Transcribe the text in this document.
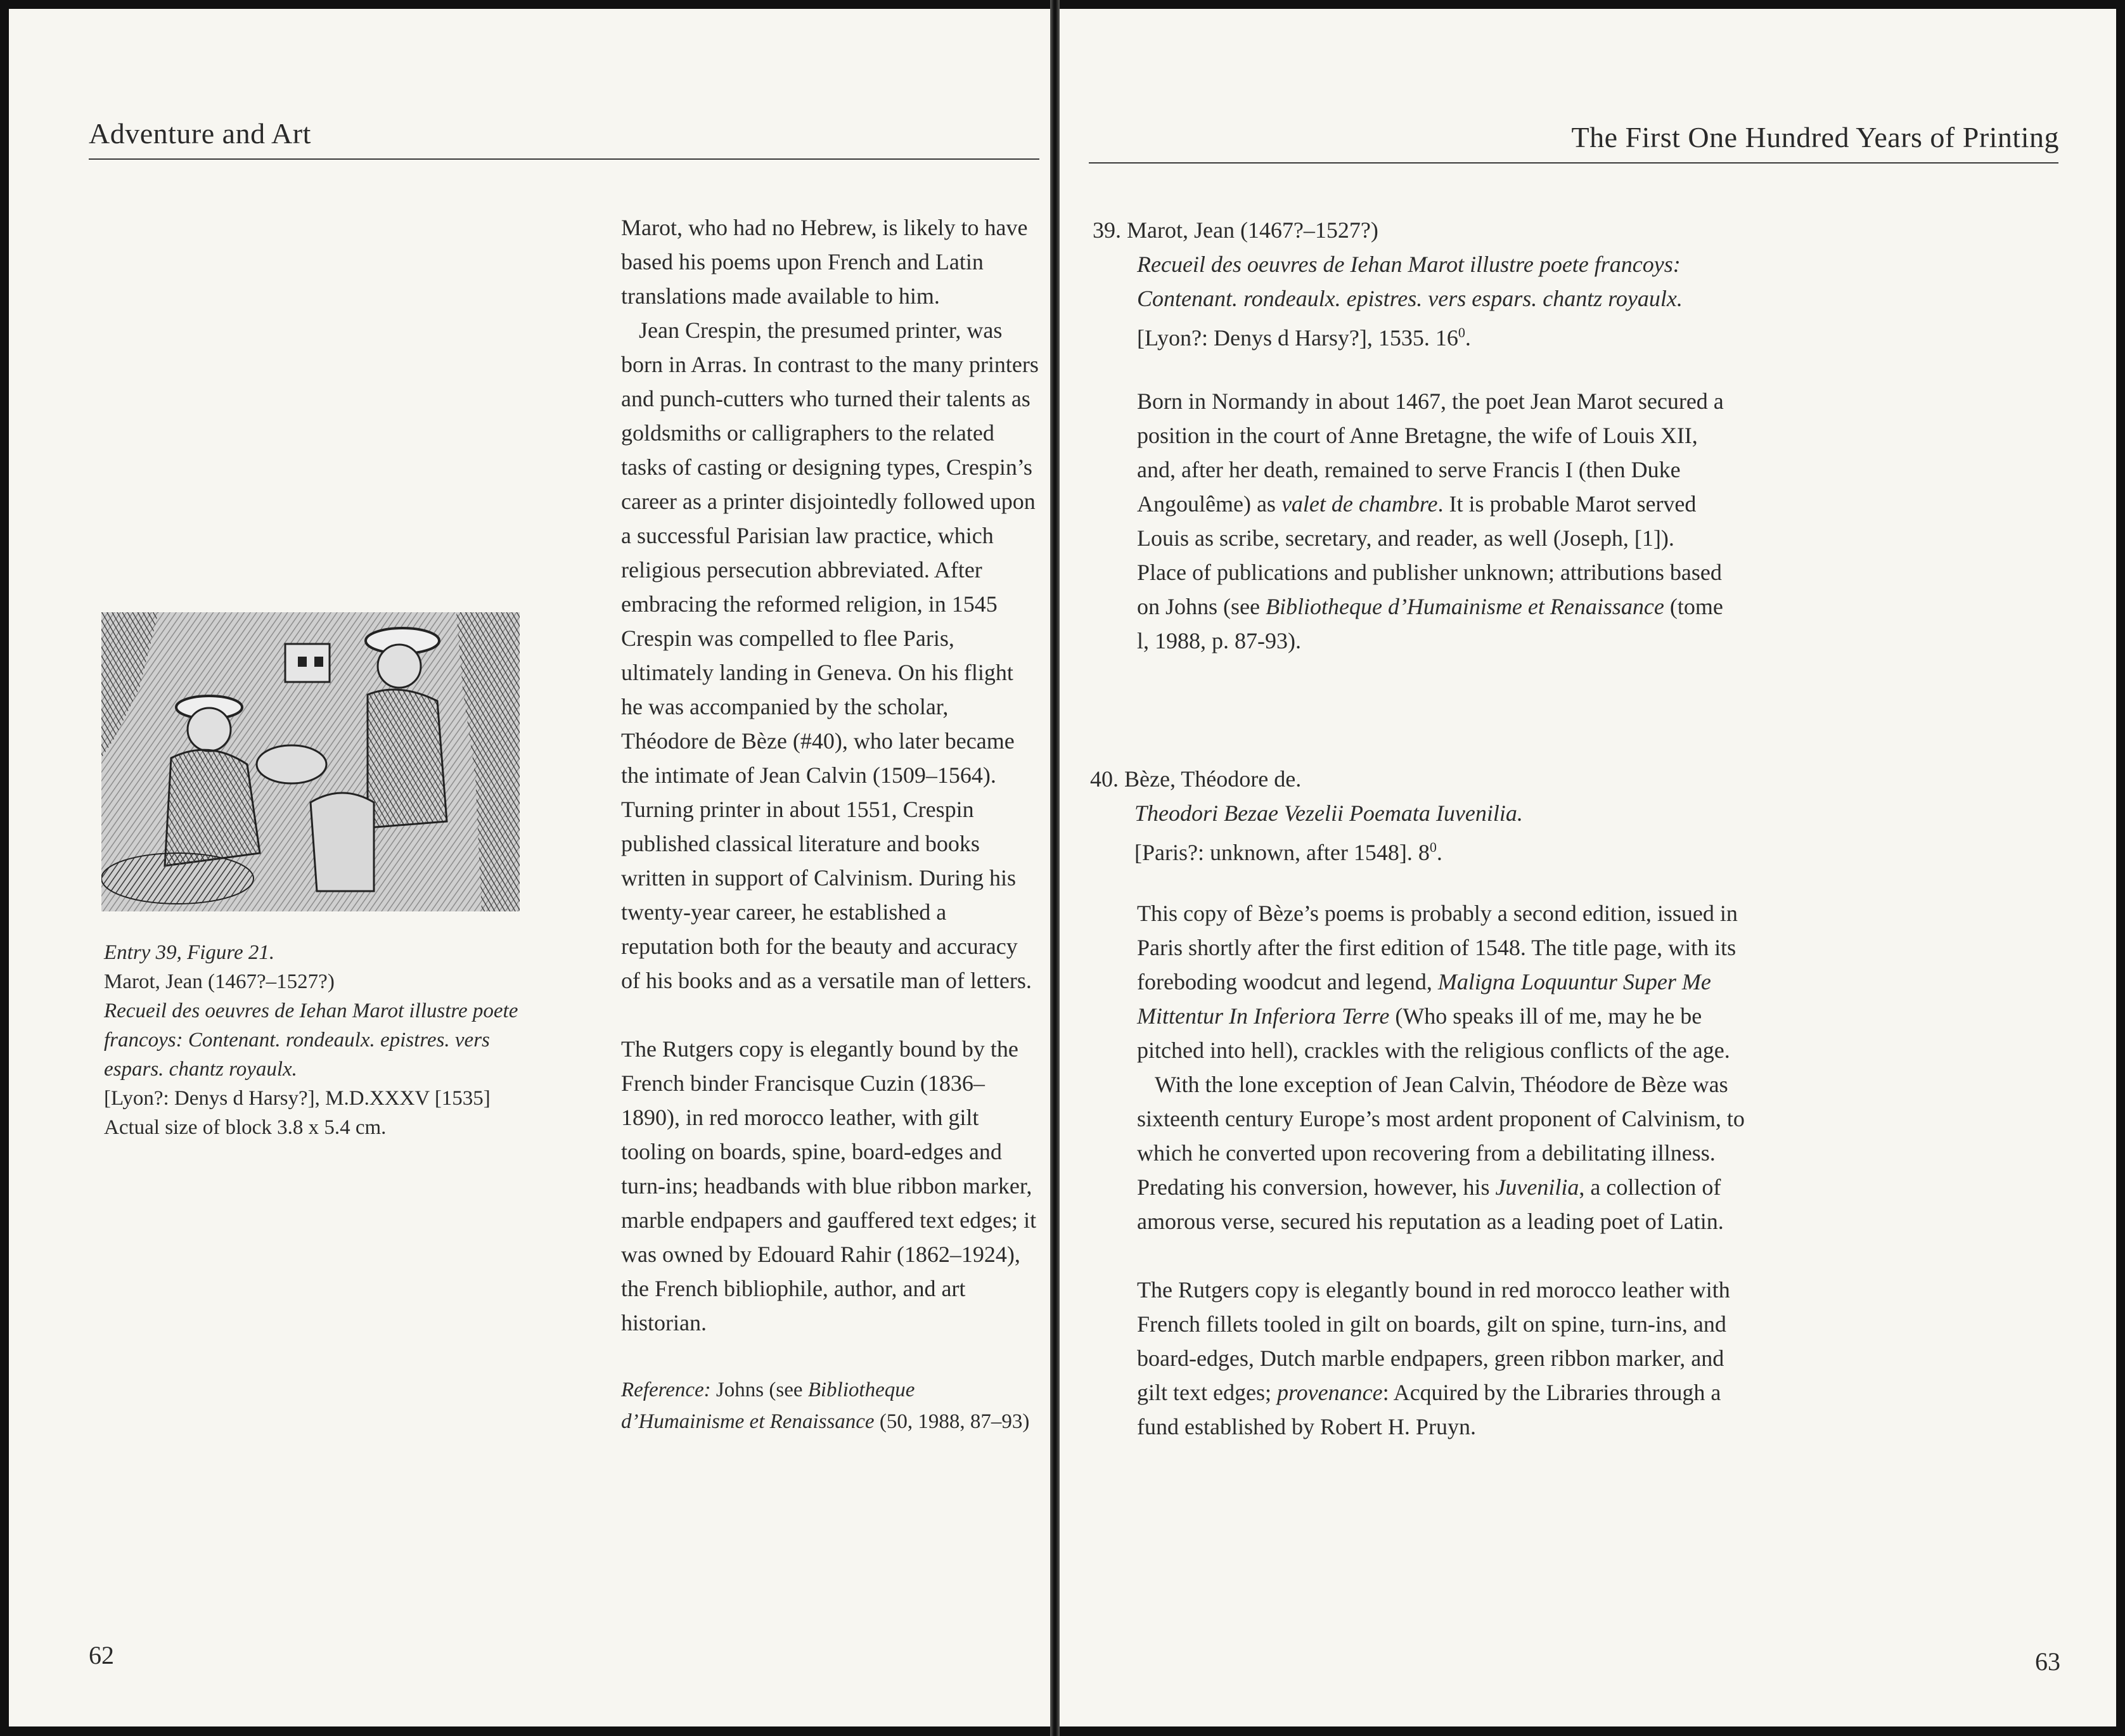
Adventure and Art

Entry 39, Figure 21.

Marot, Jean (1467?–1527?)

Recueil des oeuvres de Iehan Marot illustre poete francoys: Contenant. rondeaulx. epistres. vers espars. chantz royaulx.

[Lyon?: Denys d Harsy?], M.D.XXXV [1535]

Actual size of block 3.8 x 5.4 cm.

Marot, who had no Hebrew, is likely to have based his poems upon French and Latin translations made available to him.

Jean Crespin, the presumed printer, was born in Arras. In contrast to the many printers and punch-cutters who turned their talents as goldsmiths or calligraphers to the related tasks of casting or designing types, Crespin’s career as a printer disjointedly followed upon a successful Parisian law practice, which religious persecution abbreviated. After embracing the reformed religion, in 1545 Crespin was compelled to flee Paris, ultimately landing in Geneva. On his flight he was accompanied by the scholar, Théodore de Bèze (#40), who later became the intimate of Jean Calvin (1509–1564). Turning printer in about 1551, Crespin published classical literature and books written in support of Calvinism. During his twenty-year career, he established a reputation both for the beauty and accuracy of his books and as a versatile man of letters.

The Rutgers copy is elegantly bound by the French binder Francisque Cuzin (1836–1890), in red morocco leather, with gilt tooling on boards, spine, board-edges and turn-ins; headbands with blue ribbon marker, marble endpapers and gauffered text edges; it was owned by Edouard Rahir (1862–1924), the French bibliophile, author, and art historian.

Reference: Johns (see Bibliotheque d’Humainisme et Renaissance (50, 1988, 87–93)

62
The First One Hundred Years of Printing
39. Marot, Jean (1467?–1527?)
Recueil des oeuvres de Iehan Marot illustre poete francoys:
Contenant. rondeaulx. epistres. vers espars. chantz royaulx.
[Lyon?: Denys d Harsy?], 1535. $16^0$.

Born in Normandy in about 1467, the poet Jean Marot secured a position in the court of Anne Bretagne, the wife of Louis XII, and, after her death, remained to serve Francis I (then Duke Angoulême) as valet de chambre. It is probable Marot served Louis as scribe, secretary, and reader, as well (Joseph, [1]). Place of publications and publisher unknown; attributions based on Johns (see Bibliotheque d’Humainisme et Renaissance (tome l, 1988, p. 87-93).

40. Bèze, Théodore de.
Theodori Bezae Vezelii Poemata Iuvenilia.
[Paris?: unknown, after 1548]. $8^0$.

This copy of Bèze’s poems is probably a second edition, issued in Paris shortly after the first edition of 1548. The title page, with its foreboding woodcut and legend, Maligna Loquuntur Super Me Mittentur In Inferiora Terre (Who speaks ill of me, may he be pitched into hell), crackles with the religious conflicts of the age.

With the lone exception of Jean Calvin, Théodore de Bèze was sixteenth century Europe’s most ardent proponent of Calvinism, to which he converted upon recovering from a debilitating illness. Predating his conversion, however, his Juvenilia, a collection of amorous verse, secured his reputation as a leading poet of Latin.

The Rutgers copy is elegantly bound in red morocco leather with French fillets tooled in gilt on boards, gilt on spine, turn-ins, and board-edges, Dutch marble endpapers, green ribbon marker, and gilt text edges; provenance: Acquired by the Libraries through a fund established by Robert H. Pruyn.

63
